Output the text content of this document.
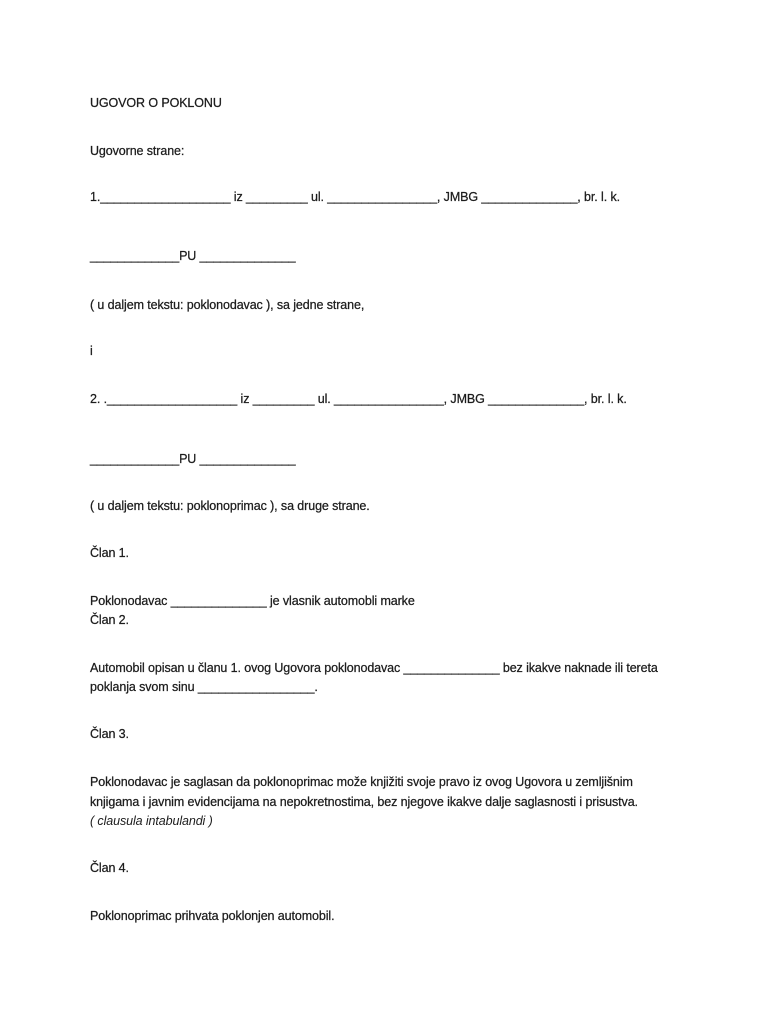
UGOVOR O POKLONU
Ugovorne strane:
1.___________________ iz _________ ul. ________________, JMBG ______________, br. l. k.
_____________PU ______________
( u daljem tekstu: poklonodavac ), sa jedne strane,
i
2. .___________________ iz _________ ul. ________________, JMBG ______________, br. l. k.
_____________PU ______________
( u daljem tekstu: poklonoprimac ), sa druge strane.
Član 1.
Poklonodavac ______________ je vlasnik automobli marke
Član 2.
Automobil opisan u članu 1. ovog Ugovora poklonodavac ______________ bez ikakve naknade ili tereta
poklanja svom sinu _________________.
Član 3.
Poklonodavac je saglasan da poklonoprimac može knjižiti svoje pravo iz ovog Ugovora u zemljišnim
knjigama i javnim evidencijama na nepokretnostima, bez njegove ikakve dalje saglasnosti i prisustva.
( clausula intabulandi )
Član 4.
Poklonoprimac prihvata poklonjen automobil.
